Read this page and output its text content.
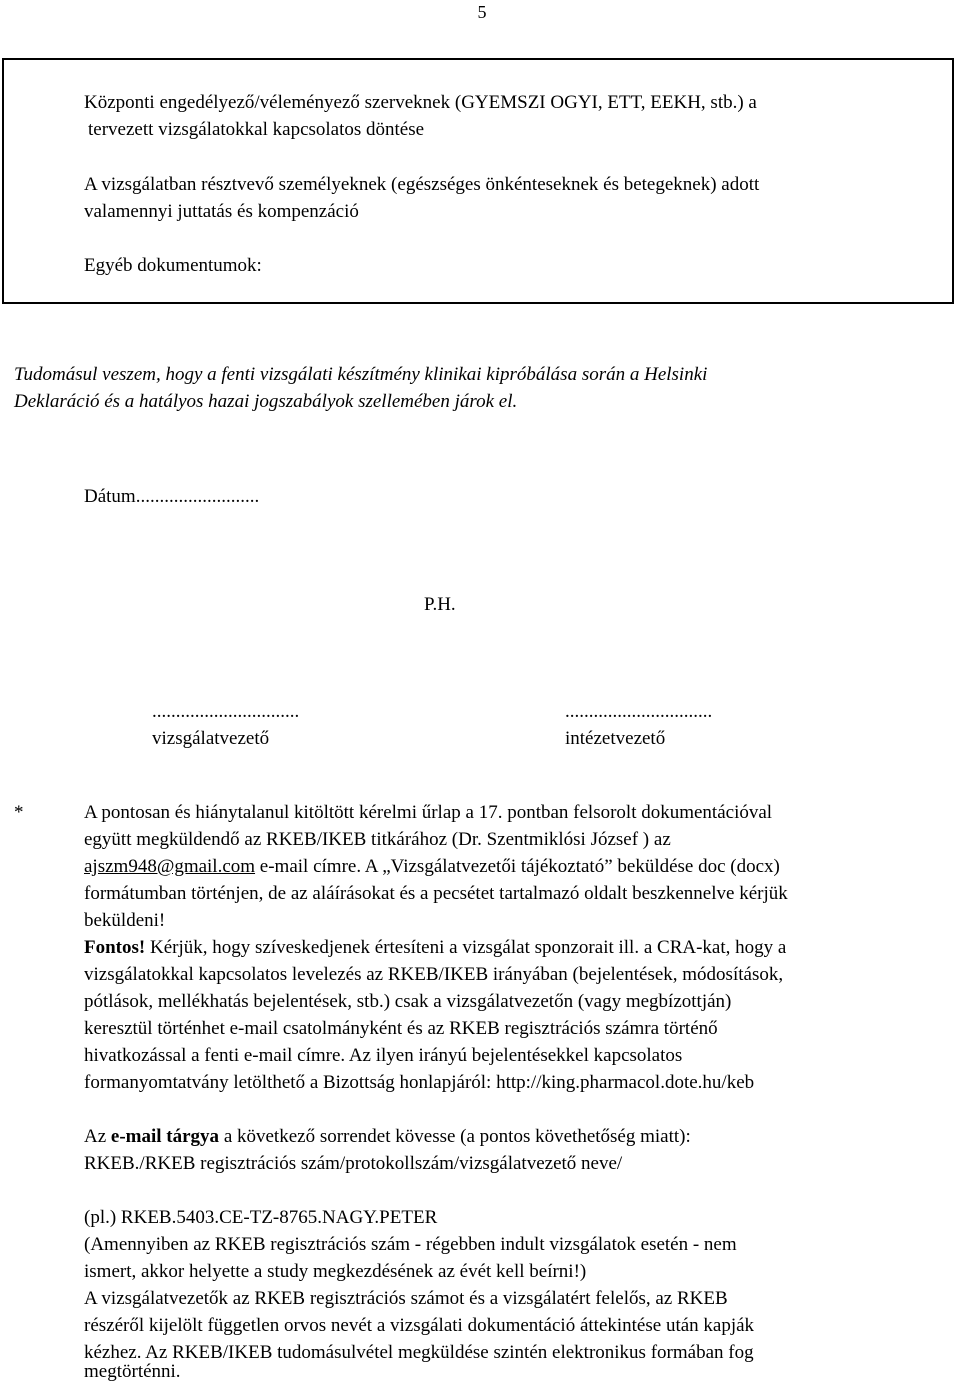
5
Központi engedélyező/véleményező szerveknek (GYEMSZI OGYI, ETT, EEKH, stb.) a
tervezett vizsgálatokkal kapcsolatos döntése
A vizsgálatban résztvevő személyeknek (egészséges önkénteseknek és betegeknek) adott
valamennyi juttatás és kompenzáció
Egyéb dokumentumok:
Tudomásul veszem, hogy a fenti vizsgálati készítmény klinikai kipróbálása során a Helsinki
Deklaráció és a hatályos hazai jogszabályok szellemében járok el.
Dátum..........................
P.H.
...............................
vizsgálatvezető
...............................
intézetvezető
*	A pontosan és hiánytalanul kitöltött kérelmi űrlap a 17. pontban felsorolt dokumentációval
együtt megküldendő az RKEB/IKEB titkárához (Dr. Szentmiklósi József ) az
ajszm948@gmail.com e-mail címre. A „Vizsgálatvezetői tájékoztató” beküldése doc (docx)
formátumban történjen, de az aláírásokat és a pecsétet tartalmazó oldalt beszkennelve kérjük
beküldeni!
Fontos! Kérjük, hogy szíveskedjenek értesíteni a vizsgálat sponzorait ill. a CRA-kat, hogy a
vizsgálatokkal kapcsolatos levelezés az RKEB/IKEB irányában (bejelentések, módosítások,
pótlások, mellékhatás bejelentések, stb.) csak a vizsgálatvezetőn (vagy megbízottján)
keresztül történhet e-mail csatolmányként és az RKEB regisztrációs számra történő
hivatkozással a fenti e-mail címre. Az ilyen irányú bejelentésekkel kapcsolatos
formanyomtatvány letölthető a Bizottság honlapjáról: http://king.pharmacol.dote.hu/keb
Az e-mail tárgya a következő sorrendet kövesse (a pontos követhetőség miatt):
RKEB./RKEB regisztrációs szám/protokollszám/vizsgálatvezető neve/
(pl.) RKEB.5403.CE-TZ-8765.NAGY.PETER
(Amennyiben az RKEB regisztrációs szám - régebben indult vizsgálatok esetén - nem
ismert, akkor helyette a study megkezdésének az évét kell beírni!)
A vizsgálatvezetők az RKEB regisztrációs számot és a vizsgálatért felelős, az RKEB
részéről kijelölt független orvos nevét a vizsgálati dokumentáció áttekintése után kapják
kézhez. Az RKEB/IKEB tudomásulvétel megküldése szintén elektronikus formában fog
megtörténni.
